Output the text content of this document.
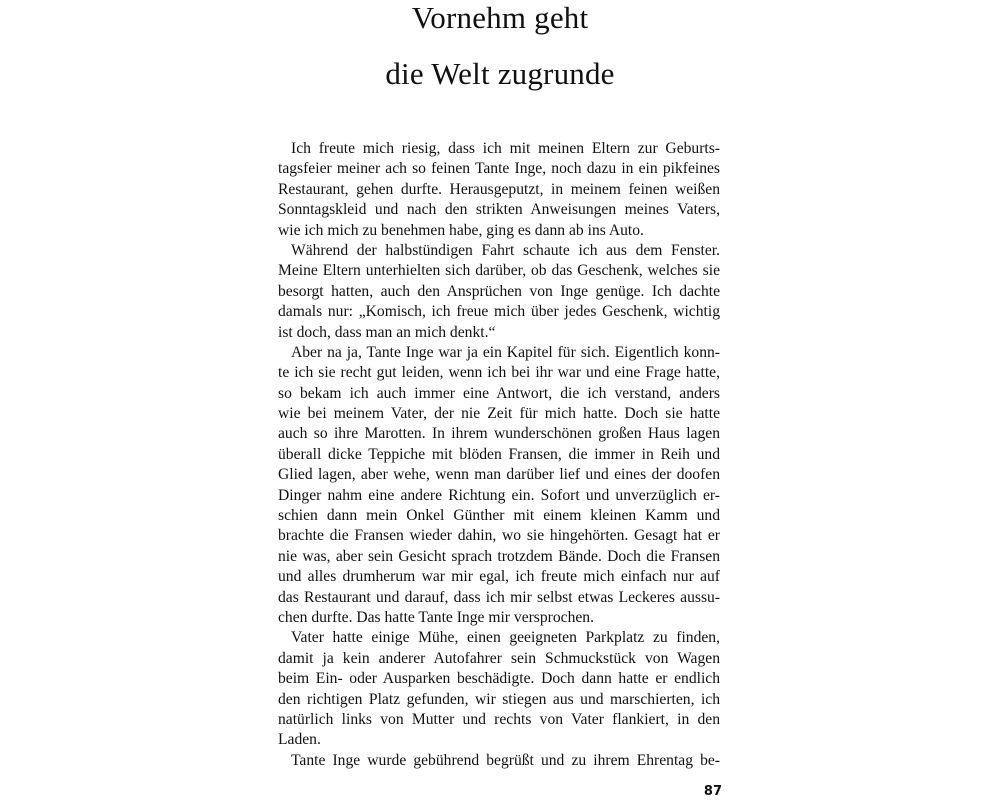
Vornehm geht
die Welt zugrunde
Ich freute mich riesig, dass ich mit meinen Eltern zur Geburts-
tagsfeier meiner ach so feinen Tante Inge, noch dazu in ein pikfeines
Restaurant, gehen durfte. Herausgeputzt, in meinem feinen weißen
Sonntagskleid und nach den strikten Anweisungen meines Vaters,
wie ich mich zu benehmen habe, ging es dann ab ins Auto.
Während der halbstündigen Fahrt schaute ich aus dem Fenster.
Meine Eltern unterhielten sich darüber, ob das Geschenk, welches sie
besorgt hatten, auch den Ansprüchen von Inge genüge. Ich dachte
damals nur: „Komisch, ich freue mich über jedes Geschenk, wichtig
ist doch, dass man an mich denkt.“
Aber na ja, Tante Inge war ja ein Kapitel für sich. Eigentlich konn-
te ich sie recht gut leiden, wenn ich bei ihr war und eine Frage hatte,
so bekam ich auch immer eine Antwort, die ich verstand, anders
wie bei meinem Vater, der nie Zeit für mich hatte. Doch sie hatte
auch so ihre Marotten. In ihrem wunderschönen großen Haus lagen
überall dicke Teppiche mit blöden Fransen, die immer in Reih und
Glied lagen, aber wehe, wenn man darüber lief und eines der doofen
Dinger nahm eine andere Richtung ein. Sofort und unverzüglich er-
schien dann mein Onkel Günther mit einem kleinen Kamm und
brachte die Fransen wieder dahin, wo sie hingehörten. Gesagt hat er
nie was, aber sein Gesicht sprach trotzdem Bände. Doch die Fransen
und alles drumherum war mir egal, ich freute mich einfach nur auf
das Restaurant und darauf, dass ich mir selbst etwas Leckeres aussu-
chen durfte. Das hatte Tante Inge mir versprochen.
Vater hatte einige Mühe, einen geeigneten Parkplatz zu finden,
damit ja kein anderer Autofahrer sein Schmuckstück von Wagen
beim Ein- oder Ausparken beschädigte. Doch dann hatte er endlich
den richtigen Platz gefunden, wir stiegen aus und marschierten, ich
natürlich links von Mutter und rechts von Vater flankiert, in den
Laden.
Tante Inge wurde gebührend begrüßt und zu ihrem Ehrentag be-
87
